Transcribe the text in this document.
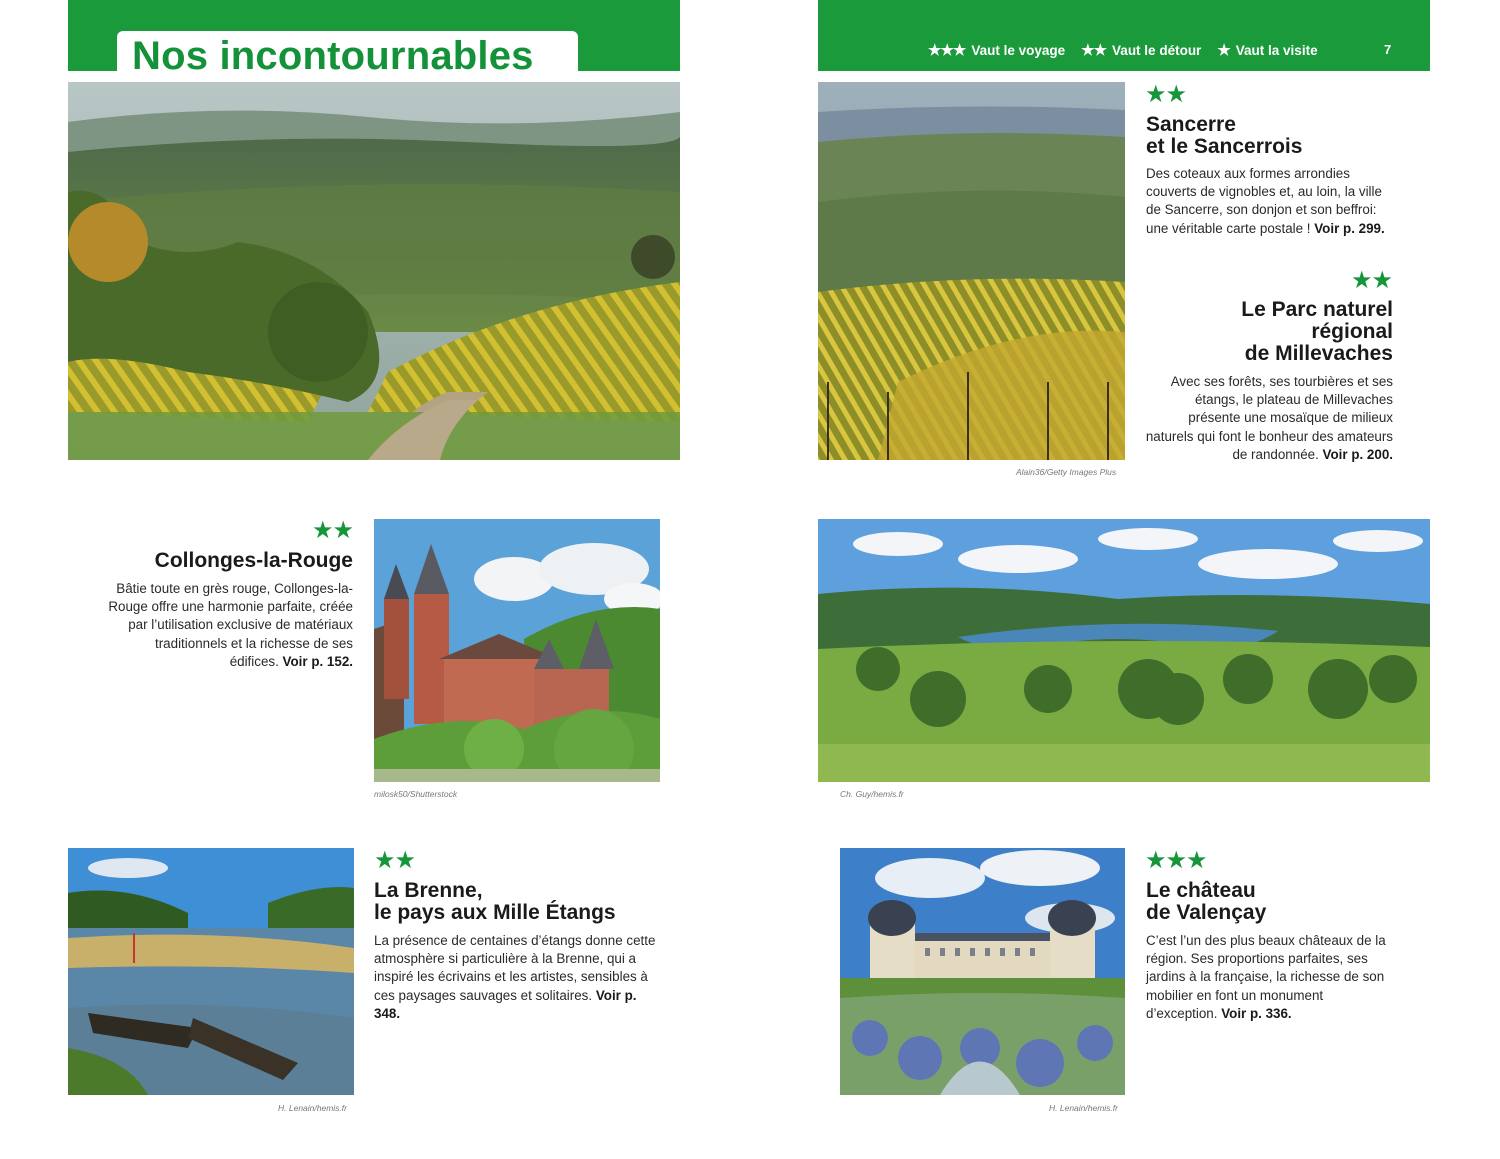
Nos incontournables	★★★ Vaut le voyage ★★ Vaut le détour ★ Vaut la visite	7
Alain36/Getty Images Plus
★★
Sancerre
et le Sancerrois
Des coteaux aux formes arrondies couverts de vignobles et, au loin, la ville de Sancerre, son donjon et son beffroi: une véritable carte postale ! Voir p. 299.
★★
Le Parc naturel
régional
de Millevaches
Avec ses forêts, ses tourbières et ses étangs, le plateau de Millevaches présente une mosaïque de milieux naturels qui font le bonheur des amateurs de randonnée. Voir p. 200.
★★
Collonges-la-Rouge
Bâtie toute en grès rouge, Collonges-la-Rouge offre une harmonie parfaite, créée par l’utilisation exclusive de matériaux traditionnels et la richesse de ses édifices. Voir p. 152.
milosk50/Shutterstock	Ch. Guy/hemis.fr
H. Lenain/hemis.fr
★★
La Brenne,
le pays aux Mille Étangs
La présence de centaines d’étangs donne cette atmosphère si particulière à la Brenne, qui a inspiré les écrivains et les artistes, sensibles à ces paysages sauvages et solitaires. Voir p. 348.
H. Lenain/hemis.fr
★★★
Le château
de Valençay
C’est l’un des plus beaux châteaux de la région. Ses proportions parfaites, ses jardins à la française, la richesse de son mobilier en font un monument d’exception. Voir p. 336.
